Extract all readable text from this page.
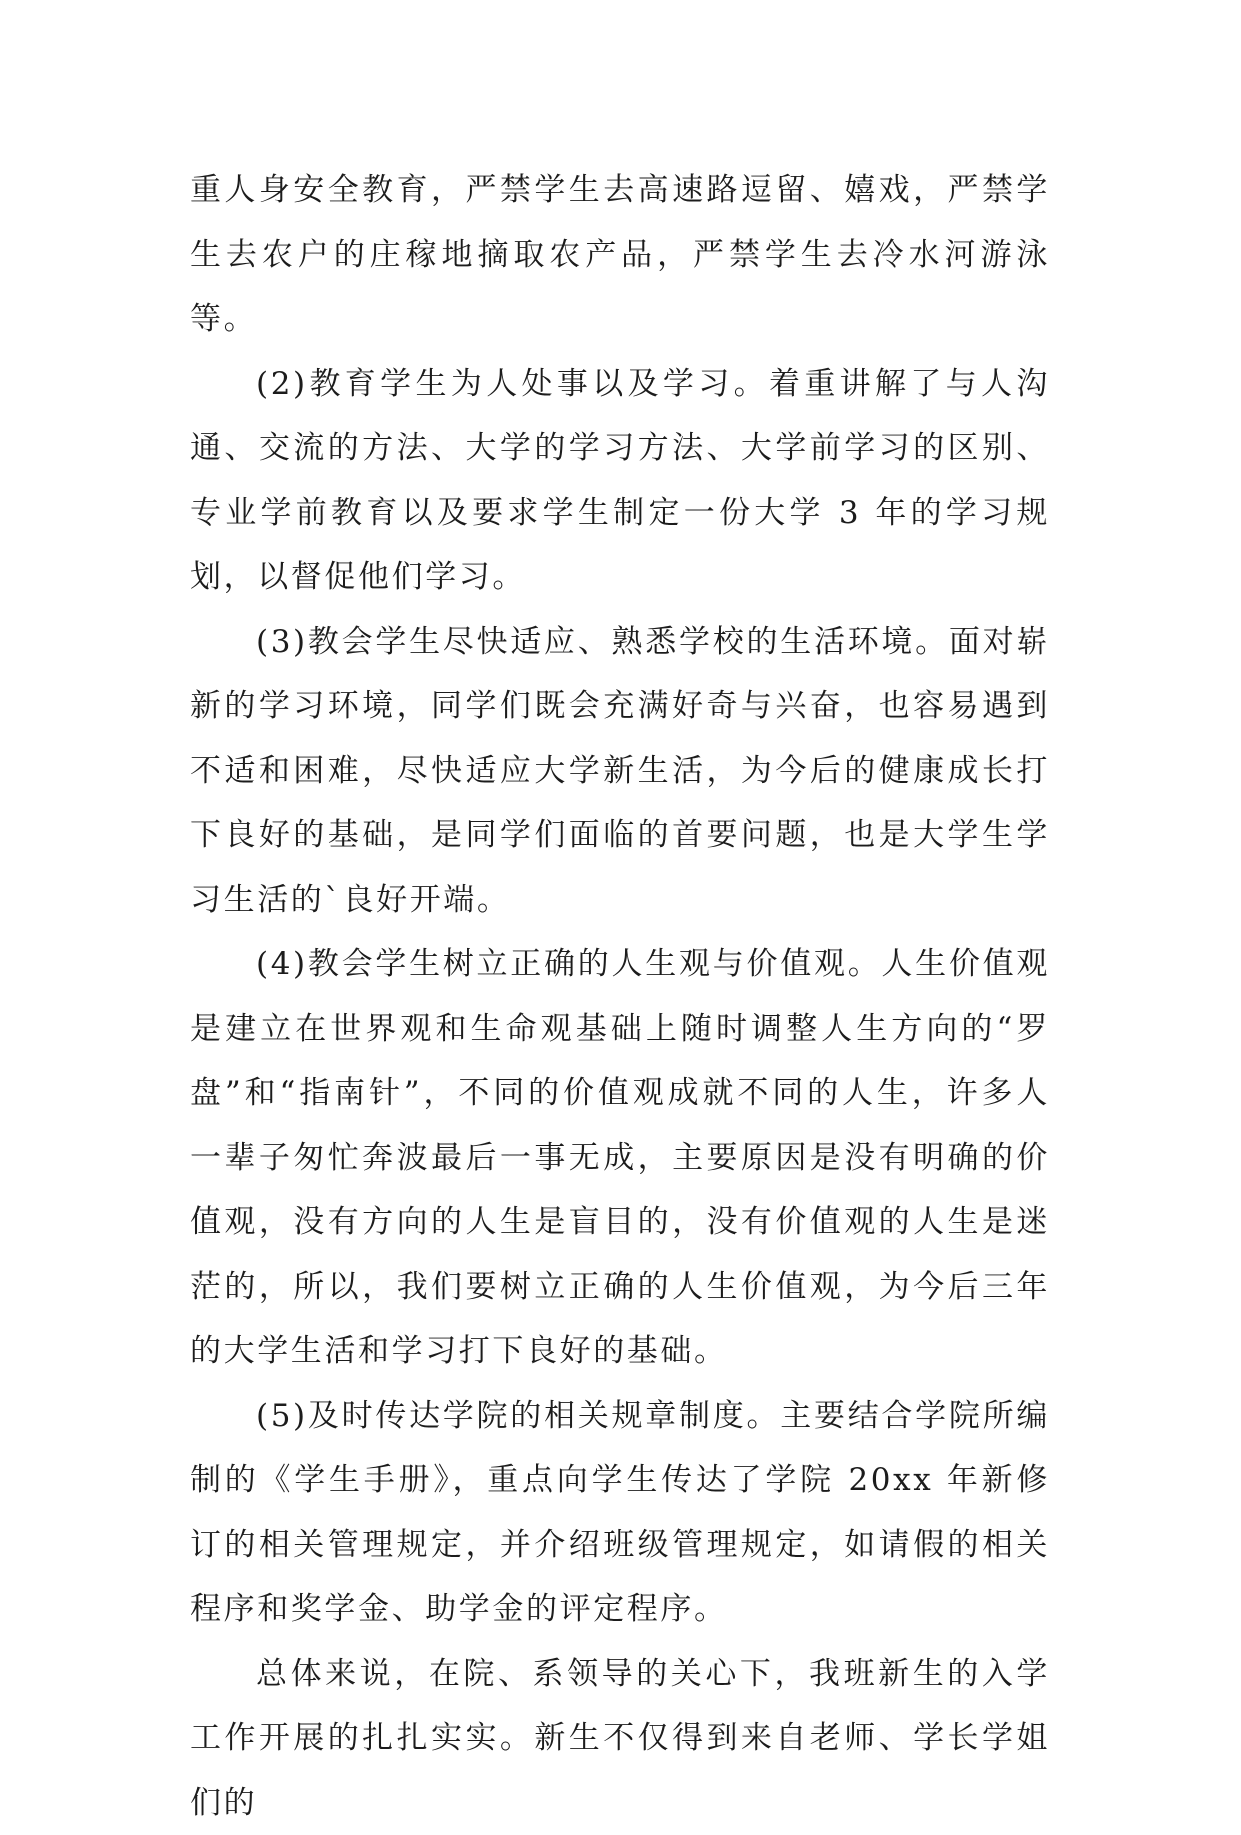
重人身安全教育，严禁学生去高速路逗留、嬉戏，严禁学生去农户的庄稼地摘取农产品，严禁学生去冷水河游泳等。

(2)教育学生为人处事以及学习。着重讲解了与人沟通、交流的方法、大学的学习方法、大学前学习的区别、专业学前教育以及要求学生制定一份大学 3 年的学习规划，以督促他们学习。

(3)教会学生尽快适应、熟悉学校的生活环境。面对崭新的学习环境，同学们既会充满好奇与兴奋，也容易遇到不适和困难，尽快适应大学新生活，为今后的健康成长打下良好的基础，是同学们面临的首要问题，也是大学生学习生活的`良好开端。

(4)教会学生树立正确的人生观与价值观。人生价值观是建立在世界观和生命观基础上随时调整人生方向的“罗盘”和“指南针”，不同的价值观成就不同的人生，许多人一辈子匆忙奔波最后一事无成，主要原因是没有明确的价值观，没有方向的人生是盲目的，没有价值观的人生是迷茫的，所以，我们要树立正确的人生价值观，为今后三年的大学生活和学习打下良好的基础。

(5)及时传达学院的相关规章制度。主要结合学院所编制的《学生手册》，重点向学生传达了学院 20xx 年新修订的相关管理规定，并介绍班级管理规定，如请假的相关程序和奖学金、助学金的评定程序。

总体来说，在院、系领导的关心下，我班新生的入学工作开展的扎扎实实。新生不仅得到来自老师、学长学姐们的
